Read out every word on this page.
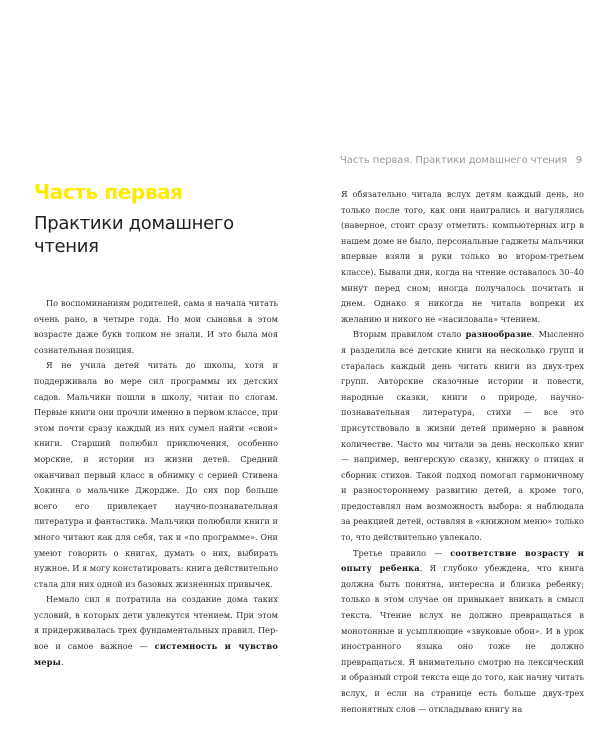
Часть первая
Практики домашнего чтения

По воспоминаниям родителей, сама я начала читать очень рано, в четыре года. Но мои сыновья в этом возрасте даже букв толком не знали. И это была моя сознательная позиция.

Я не учила детей читать до школы, хотя и поддерживала во мере сил программы их детских садов. Мальчики пошли в школу, читая по слогам. Первые книги они прочли именно в первом классе, при этом почти сразу каждый из них сумел найти «свои» книги. Старший полюбил приключения, особенно морские, и истории из жизни детей. Средний оканчивал первый класс в обнимку с серией Стивена Хокинга о мальчике Джордже. До сих пор больше всего его привлекает научно-познавательная литература и фантастика. Мальчики полюбили книги и много читают как для себя, так и «по программе». Они умеют говорить о книгах, думать о них, выбирать нужное. И я могу констатировать: книга действительно стала для них одной из базовых жизненных привычек.

Немало сил я потратила на создание дома таких условий, в которых дети увлекутся чтением. При этом я придерживалась трех фундаментальных правил. Первое и самое важное — системность и чувство меры.

Часть первая. Практики домашнего чтения 9

Я обязательно читала вслух детям каждый день, но только после того, как они наигрались и нагулялись (наверное, стоит сразу отметить: компьютерных игр в нашем доме не было, персональные гаджеты мальчики впервые взяли в руки только во втором-третьем классе). Бывали дни, когда на чтение оставалось 30–40 минут перед сном; иногда получалось почитать и днем. Однако я никогда не читала вопреки их желанию и никого не «насиловала» чтением.

Вторым правилом стало разнообразие. Мысленно я разделила все детские книги на несколько групп и старалась каждый день читать книги из двух-трех групп. Авторские сказочные истории и повести, народные сказки, книги о природе, научно-познавательная литература, стихи — все это присутствовало в жизни детей примерно в равном количестве. Часто мы читали за день несколько книг — например, венгерскую сказку, книжку о птицах и сборник стихов. Такой подход помогал гармоничному и разностороннему развитию детей, а кроме того, предоставлял нам возможность выбора: я наблюдала за реакцией детей, оставляя в «книжном меню» только то, что действительно увлекало.

Третье правило — соответствие возрасту и опыту ребенка. Я глубоко убеждена, что книга должна быть понятна, интересна и близка ребенку; только в этом случае он привыкает вникать в смысл текста. Чтение вслух не должно превращаться в монотонные и усыпляющие «звуковые обои». И в урок иностранного языка оно тоже не должно превращаться. Я внимательно смотрю на лексический и образный строй текста еще до того, как начну читать вслух, и если на странице есть больше двух-трех непонятных слов — откладываю книгу на
